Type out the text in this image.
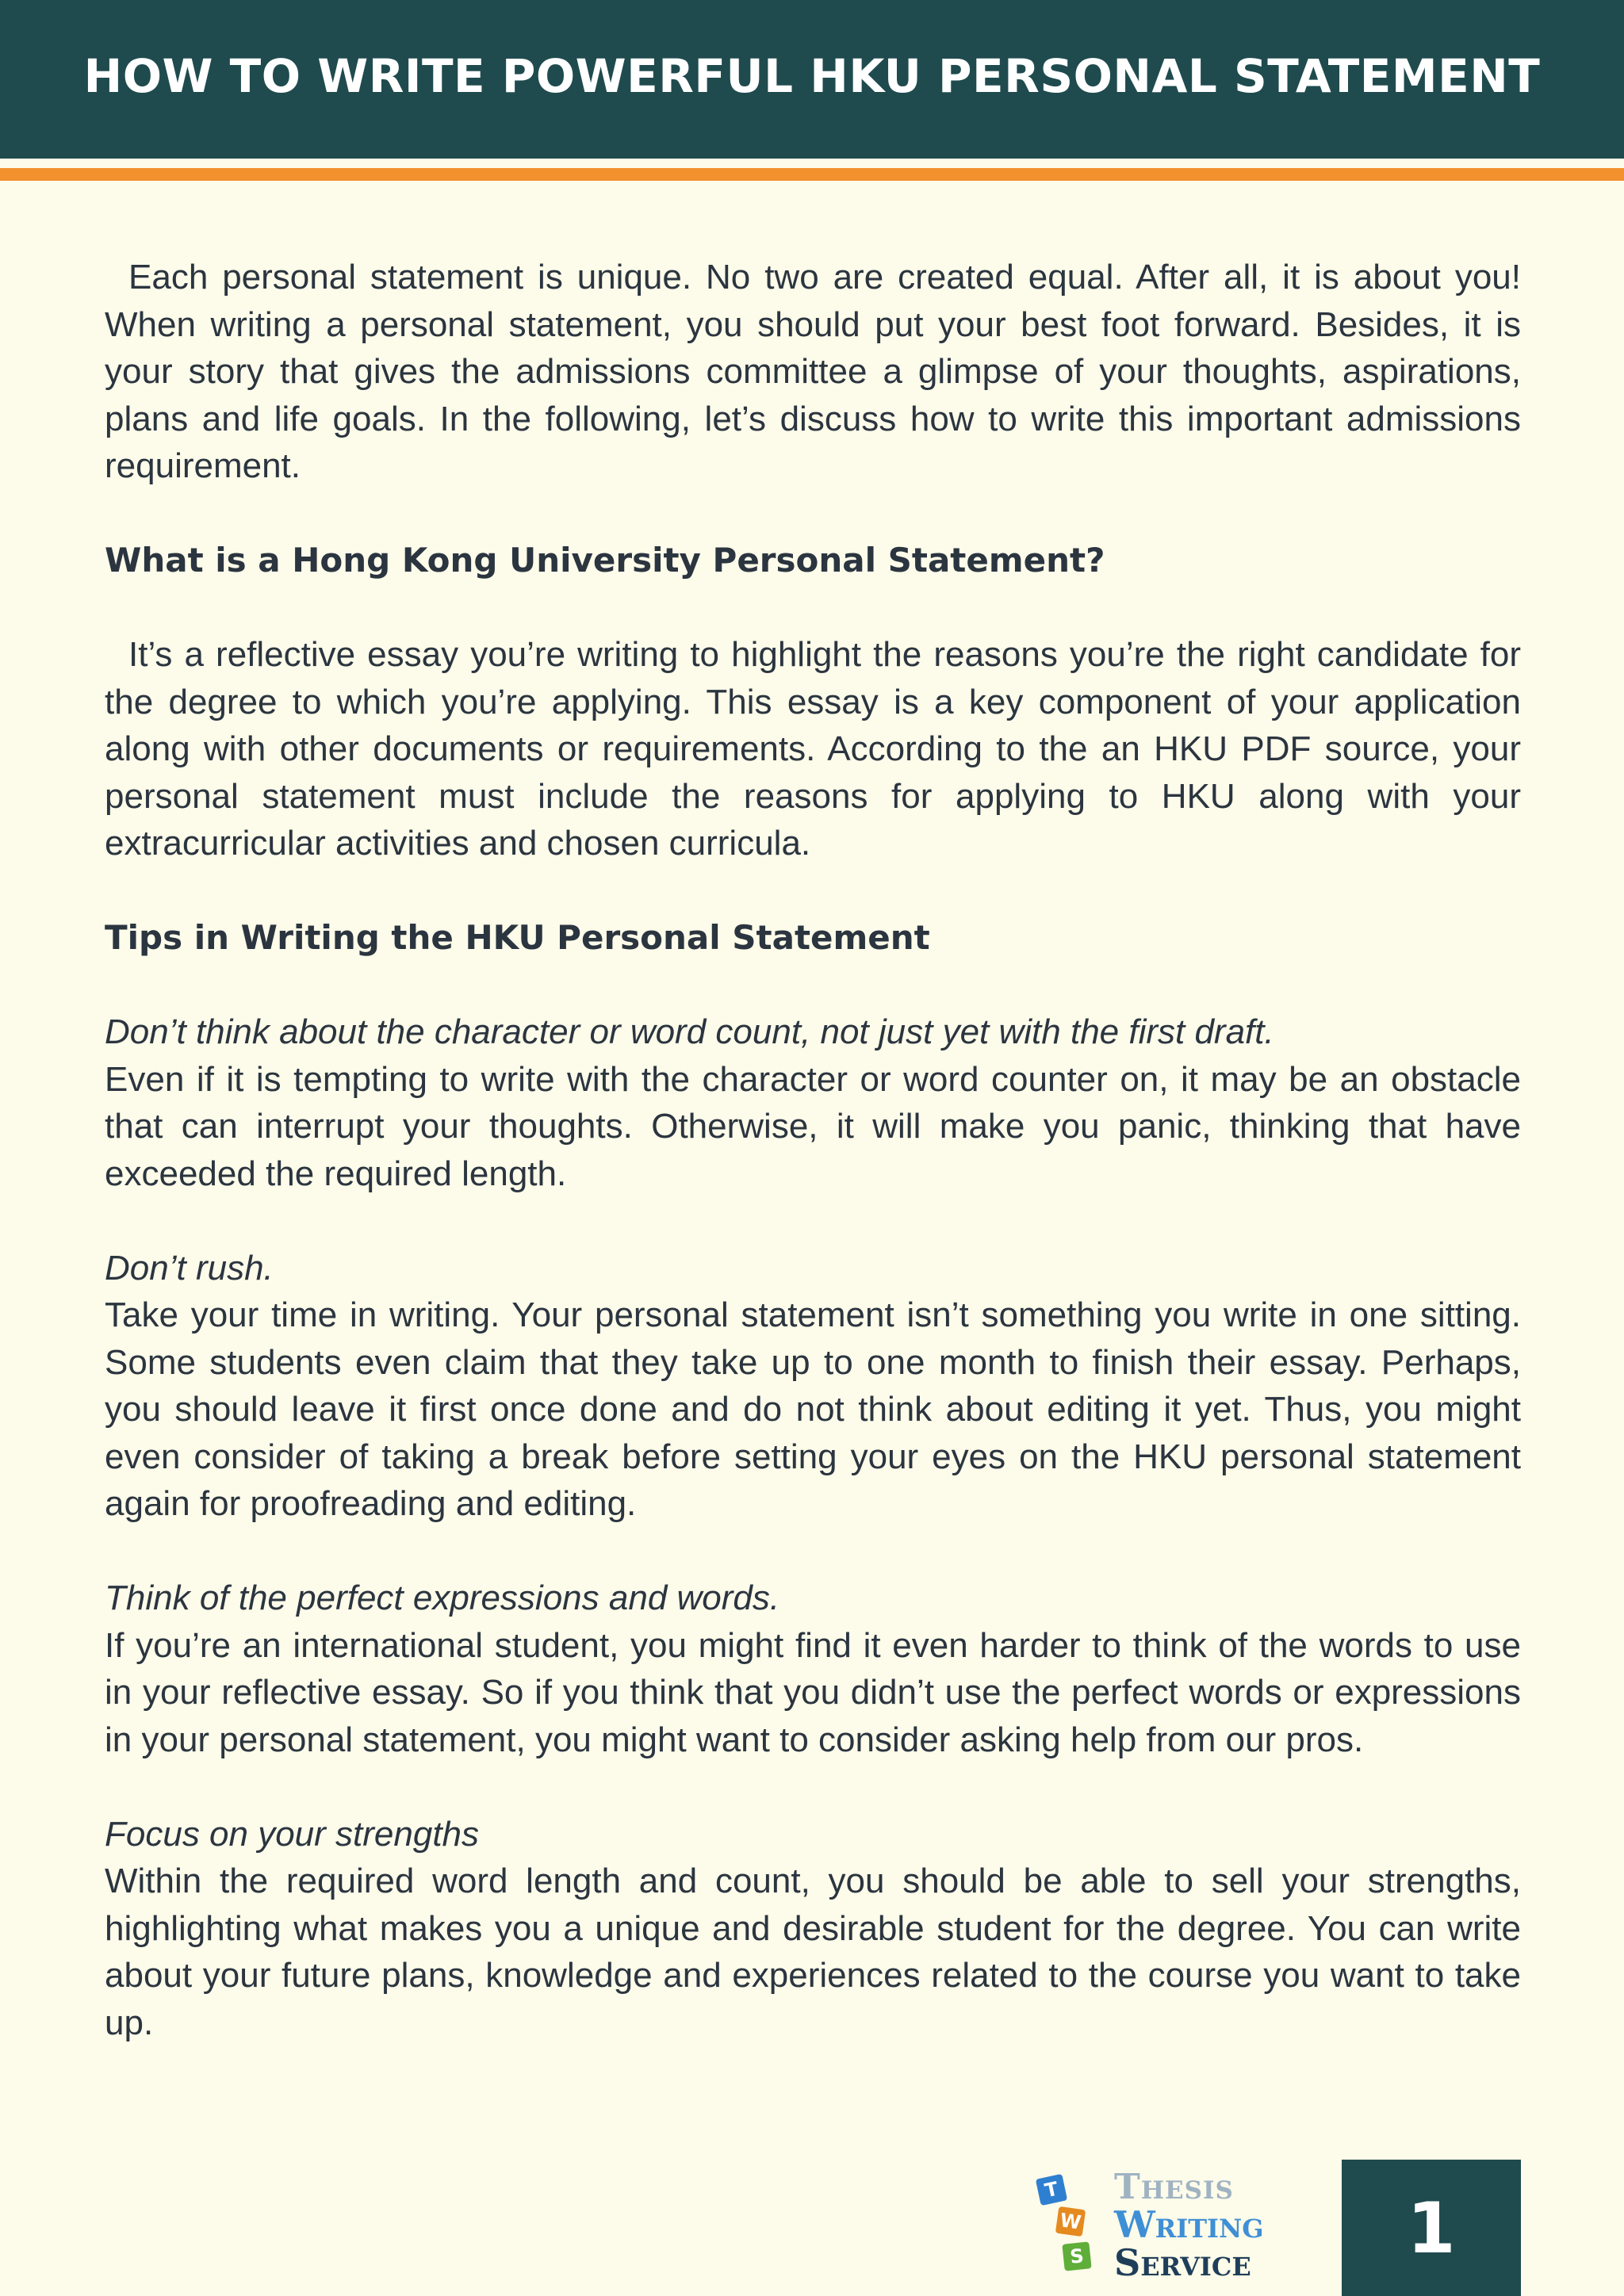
HOW TO WRITE POWERFUL HKU PERSONAL STATEMENT

Each personal statement is unique. No two are created equal. After all, it is about you! When writing a personal statement, you should put your best foot forward. Besides, it is your story that gives the admissions committee a glimpse of your thoughts, aspirations, plans and life goals. In the following, let’s discuss how to write this important admissions requirement.

What is a Hong Kong University Personal Statement?

It’s a reflective essay you’re writing to highlight the reasons you’re the right candidate for the degree to which you’re applying. This essay is a key component of your application along with other documents or requirements. According to the an HKU PDF source, your personal statement must include the reasons for applying to HKU along with your extracurricular activities and chosen curricula.

Tips in Writing the HKU Personal Statement

Don’t think about the character or word count, not just yet with the first draft.

Even if it is tempting to write with the character or word counter on, it may be an obstacle that can interrupt your thoughts. Otherwise, it will make you panic, thinking that have exceeded the required length.

Don’t rush.

Take your time in writing. Your personal statement isn’t something you write in one sitting. Some students even claim that they take up to one month to finish their essay. Perhaps, you should leave it first once done and do not think about editing it yet. Thus, you might even consider of taking a break before setting your eyes on the HKU personal statement again for proofreading and editing.

Think of the perfect expressions and words.

If you’re an international student, you might find it even harder to think of the words to use in your reflective essay. So if you think that you didn’t use the perfect words or expressions in your personal statement, you might want to consider asking help from our pros.

Focus on your strengths

Within the required word length and count, you should be able to sell your strengths, highlighting what makes you a unique and desirable student for the degree. You can write about your future plans, knowledge and experiences related to the course you want to take up.

T
W
S
Thesis
Writing
Service	1
